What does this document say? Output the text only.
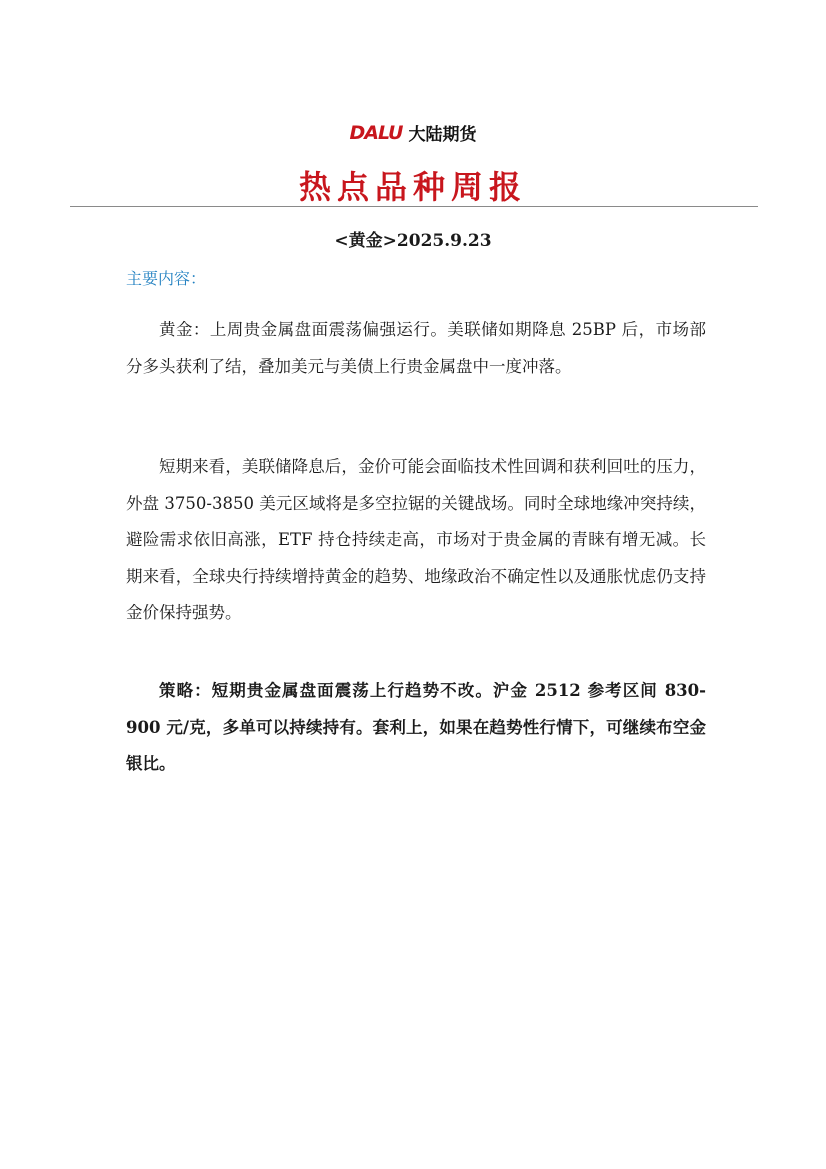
DALU 大陆期货
热点品种周报
<黄金>2025.9.23
主要内容：

黄金：上周贵金属盘面震荡偏强运行。美联储如期降息 25BP 后，市场部分多头获利了结，叠加美元与美债上行贵金属盘中一度冲落。

短期来看，美联储降息后，金价可能会面临技术性回调和获利回吐的压力，外盘 3750-3850 美元区域将是多空拉锯的关键战场。同时全球地缘冲突持续，避险需求依旧高涨，ETF 持仓持续走高，市场对于贵金属的青睐有增无减。长期来看，全球央行持续增持黄金的趋势、地缘政治不确定性以及通胀忧虑仍支持金价保持强势。

策略：短期贵金属盘面震荡上行趋势不改。沪金 2512 参考区间 830-900 元/克，多单可以持续持有。套利上，如果在趋势性行情下，可继续布空金银比。
